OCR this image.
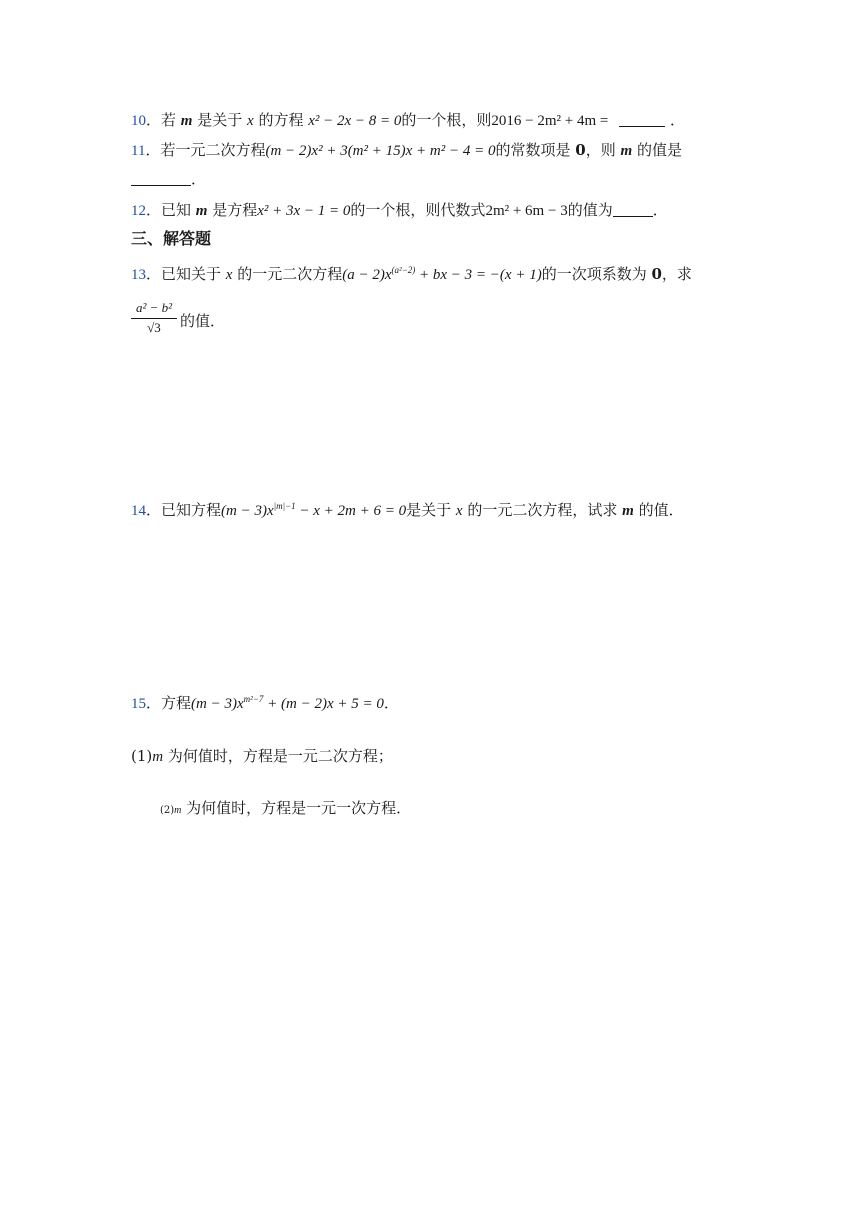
10．若 m 是关于 x 的方程 x² − 2x − 8 = 0的一个根，则2016 − 2m² + 4m =	．
11．若一元二次方程(m − 2)x² + 3(m² + 15)x + m² − 4 = 0的常数项是 0，则 m 的值是
．
12．已知 m 是方程x² + 3x − 1 = 0的一个根，则代数式2m² + 6m − 3的值为	．
三、解答题
13．已知关于 x 的一元二次方程$(a - 2)x^{(a^2-2)}$ + bx − 3 = −(x + 1)的一次项系数为 0，求
$\frac{\text{a² − b²}}{√3}$ 的值．
14．已知方程$(m - 3)x^{|m|-1} - x + 2m + 6 = 0$是关于 x 的一元二次方程，试求 m 的值．
15．方程$(m - 3)x^{m^2-7} + (m - 2)x + 5 = 0$．
(1)m 为何值时，方程是一元二次方程；
(2)m 为何值时，方程是一元一次方程．
